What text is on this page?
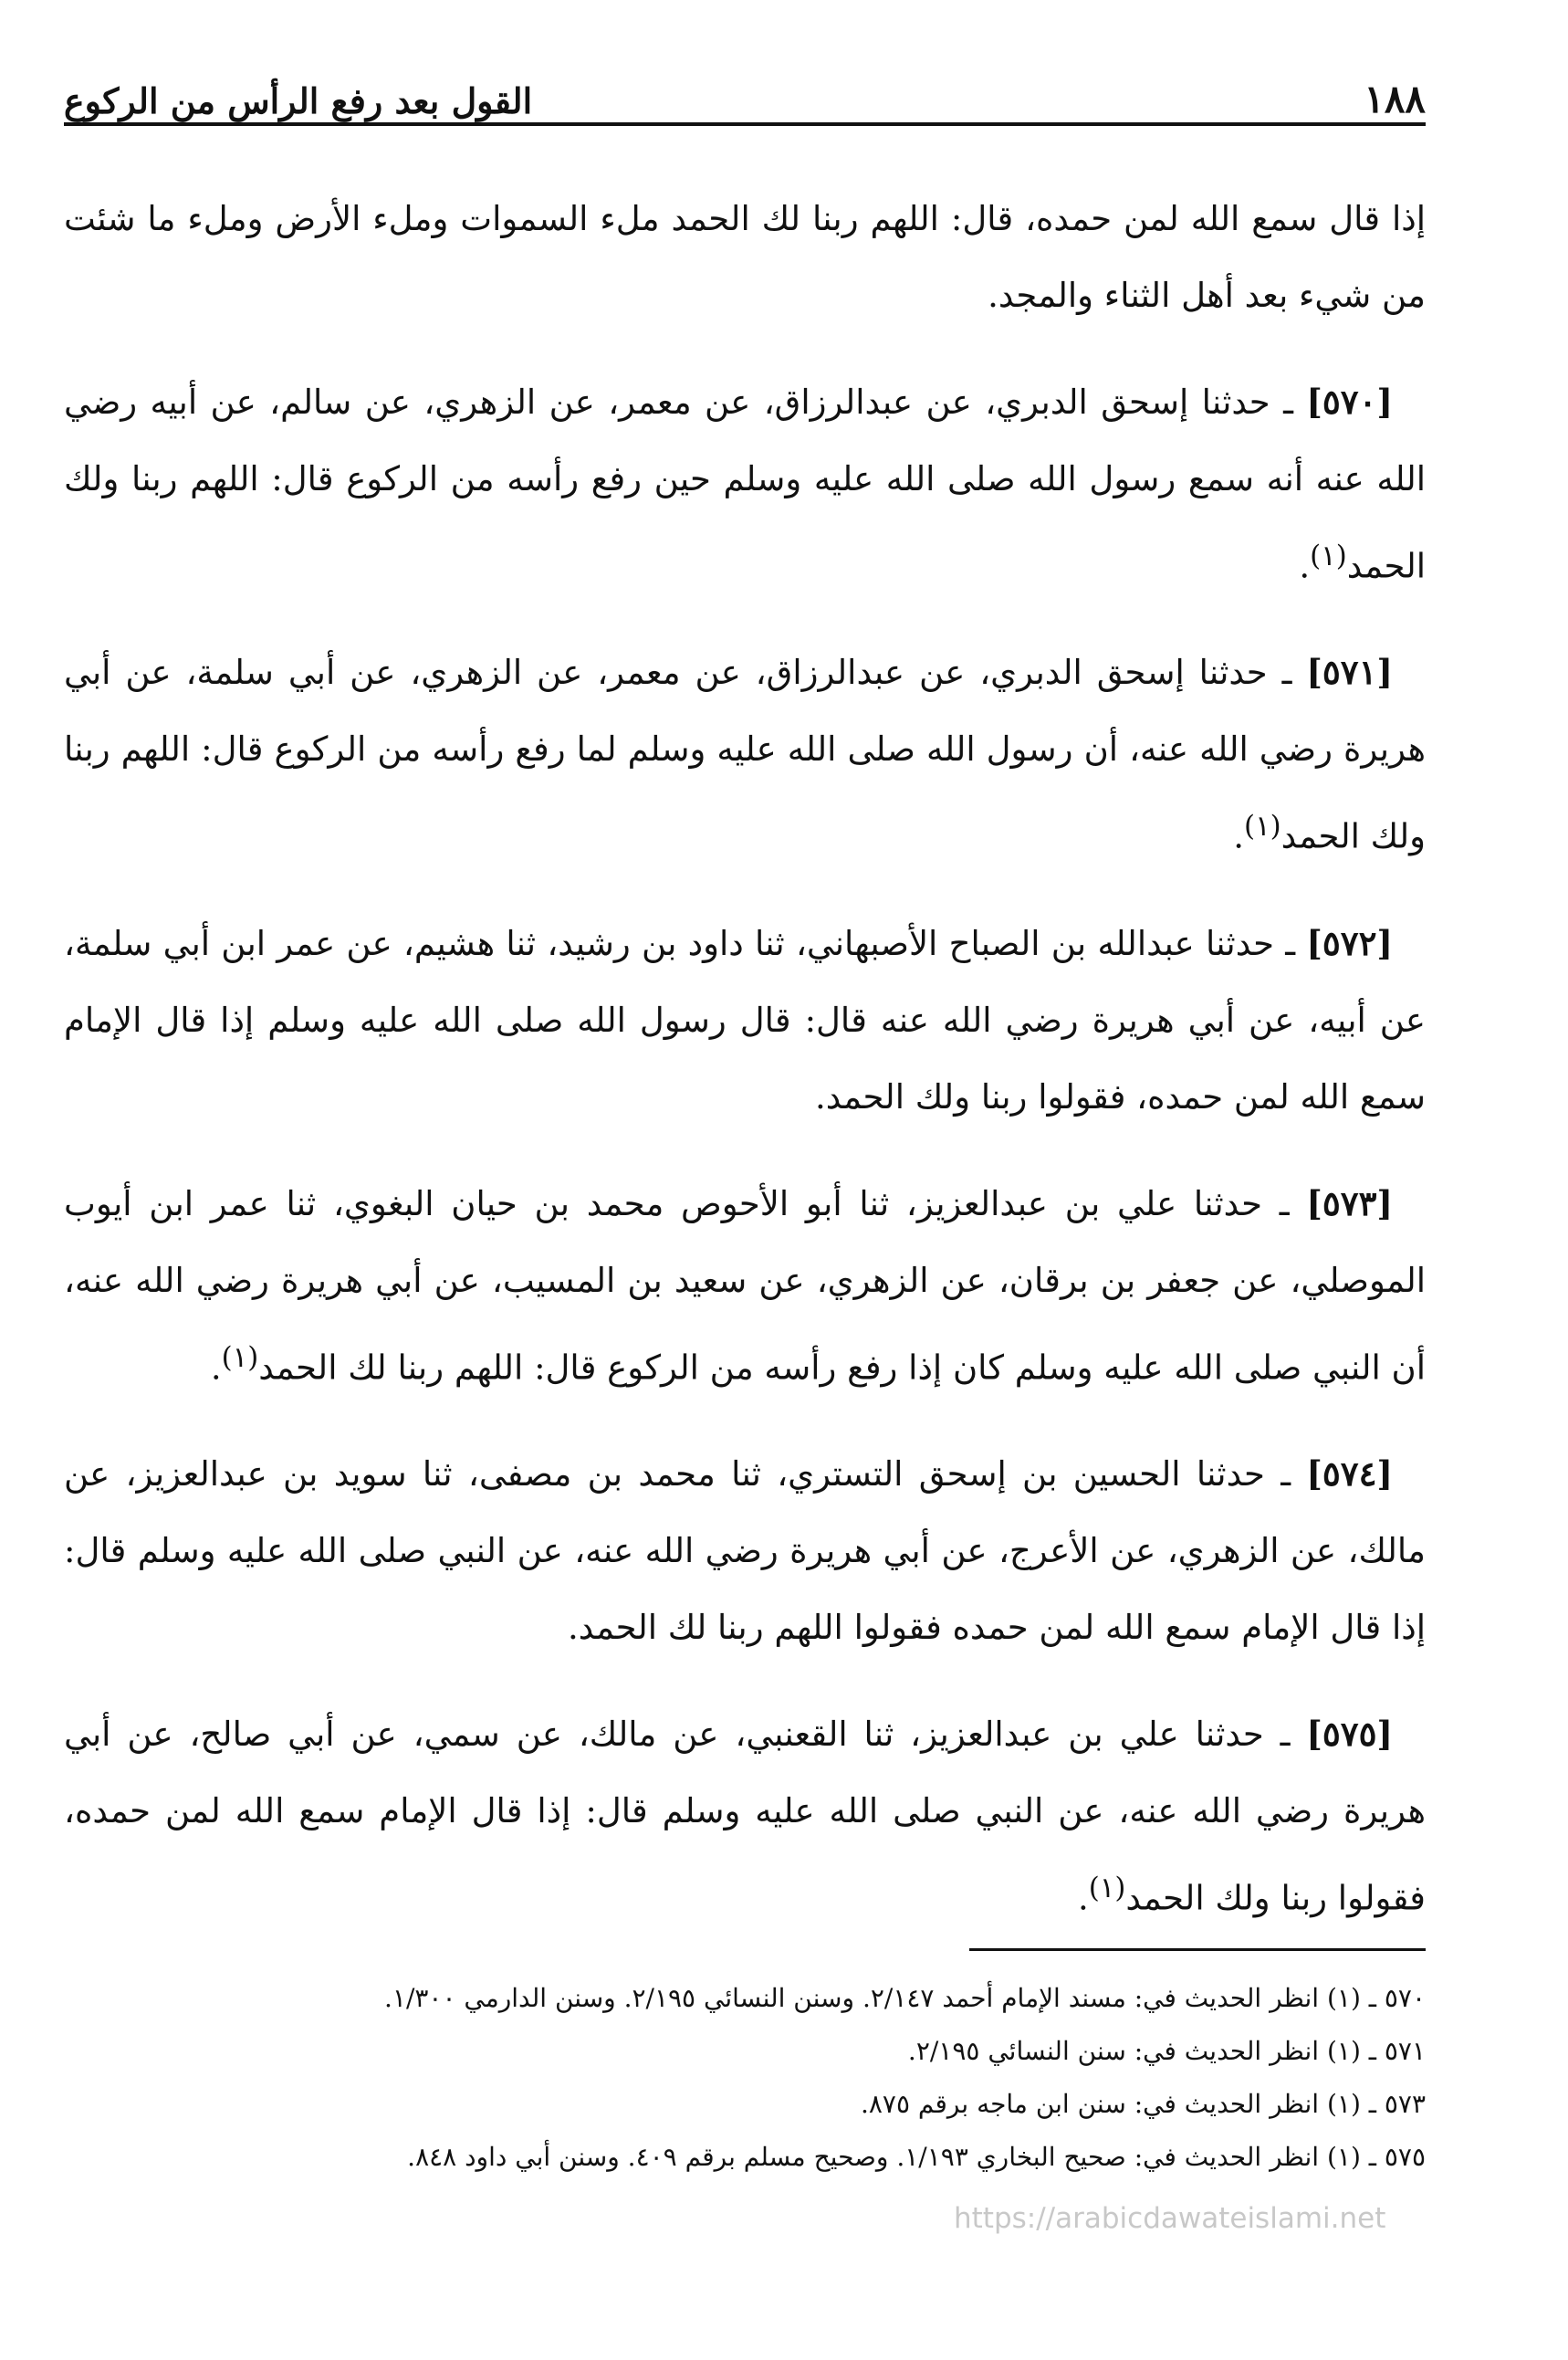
١٨٨
القول بعد رفع الرأس من الركوع

إذا قال سمع الله لمن حمده، قال: اللهم ربنا لك الحمد ملء السموات وملء الأرض وملء ما شئت من شيء بعد أهل الثناء والمجد.

[٥٧٠] ـ حدثنا إسحق الدبري، عن عبدالرزاق، عن معمر، عن الزهري، عن سالم، عن أبيه رضي الله عنه أنه سمع رسول الله صلى الله عليه وسلم حين رفع رأسه من الركوع قال: اللهم ربنا ولك الحمد$^{(١)}$.

[٥٧١] ـ حدثنا إسحق الدبري، عن عبدالرزاق، عن معمر، عن الزهري، عن أبي سلمة، عن أبي هريرة رضي الله عنه، أن رسول الله صلى الله عليه وسلم لما رفع رأسه من الركوع قال: اللهم ربنا ولك الحمد$^{(١)}$.

[٥٧٢] ـ حدثنا عبدالله بن الصباح الأصبهاني، ثنا داود بن رشيد، ثنا هشيم، عن عمر ابن أبي سلمة، عن أبيه، عن أبي هريرة رضي الله عنه قال: قال رسول الله صلى الله عليه وسلم إذا قال الإمام سمع الله لمن حمده، فقولوا ربنا ولك الحمد.

[٥٧٣] ـ حدثنا علي بن عبدالعزيز، ثنا أبو الأحوص محمد بن حيان البغوي، ثنا عمر ابن أيوب الموصلي، عن جعفر بن برقان، عن الزهري، عن سعيد بن المسيب، عن أبي هريرة رضي الله عنه، أن النبي صلى الله عليه وسلم كان إذا رفع رأسه من الركوع قال: اللهم ربنا لك الحمد$^{(١)}$.

[٥٧٤] ـ حدثنا الحسين بن إسحق التستري، ثنا محمد بن مصفى، ثنا سويد بن عبدالعزيز، عن مالك، عن الزهري، عن الأعرج، عن أبي هريرة رضي الله عنه، عن النبي صلى الله عليه وسلم قال: إذا قال الإمام سمع الله لمن حمده فقولوا اللهم ربنا لك الحمد.

[٥٧٥] ـ حدثنا علي بن عبدالعزيز، ثنا القعنبي، عن مالك، عن سمي، عن أبي صالح، عن أبي هريرة رضي الله عنه، عن النبي صلى الله عليه وسلم قال: إذا قال الإمام سمع الله لمن حمده، فقولوا ربنا ولك الحمد$^{(١)}$.

٥٧٠ ـ (١) انظر الحديث في: مسند الإمام أحمد ٢/١٤٧. وسنن النسائي ٢/١٩٥. وسنن الدارمي ١/٣٠٠.

٥٧١ ـ (١) انظر الحديث في: سنن النسائي ٢/١٩٥.

٥٧٣ ـ (١) انظر الحديث في: سنن ابن ماجه برقم ٨٧٥.

٥٧٥ ـ (١) انظر الحديث في: صحيح البخاري ١/١٩٣. وصحيح مسلم برقم ٤٠٩. وسنن أبي داود ٨٤٨.

https://arabicdawateislami.net
